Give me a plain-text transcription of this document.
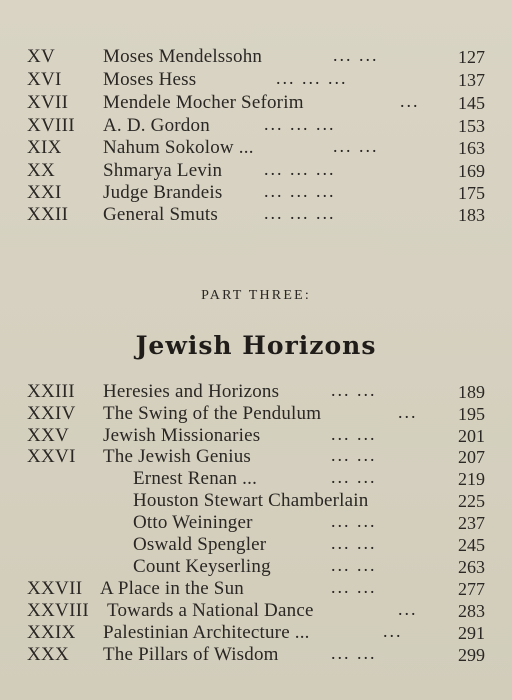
XV	Moses Mendelssohn	... ...	127
XVI Moses Hess	... ... ...	137
XVII Mendele Mocher Seforim	... 145
XVIII A. D. Gordon	... ... ...	153
XIX Nahum Sokolow ...	... ...	163
XX	Shmarya Levin ... ... ...	169
XXI Judge Brandeis ... ... ...	175
XXII General Smuts	... ... ...	183
PART THREE:
Jewish Horizons
XXIII Heresies and Horizons	... ...	189
XXIV The Swing of the Pendulum	... 195
XXV Jewish Missionaries	... ...	201
XXVI The Jewish Genius	... ...	207
Ernest Renan ...	... ...	219
Houston Stewart Chamberlain	225
Otto Weininger	... ...	237
Oswald Spengler	... ...	245
Count Keyserling	... ...	263
XXVII A Place in the Sun	... ...	277
XXVIII Towards a National Dance	... 283
XXIX Palestinian Architecture ...	...	291
XXX The Pillars of Wisdom	... ...	299
